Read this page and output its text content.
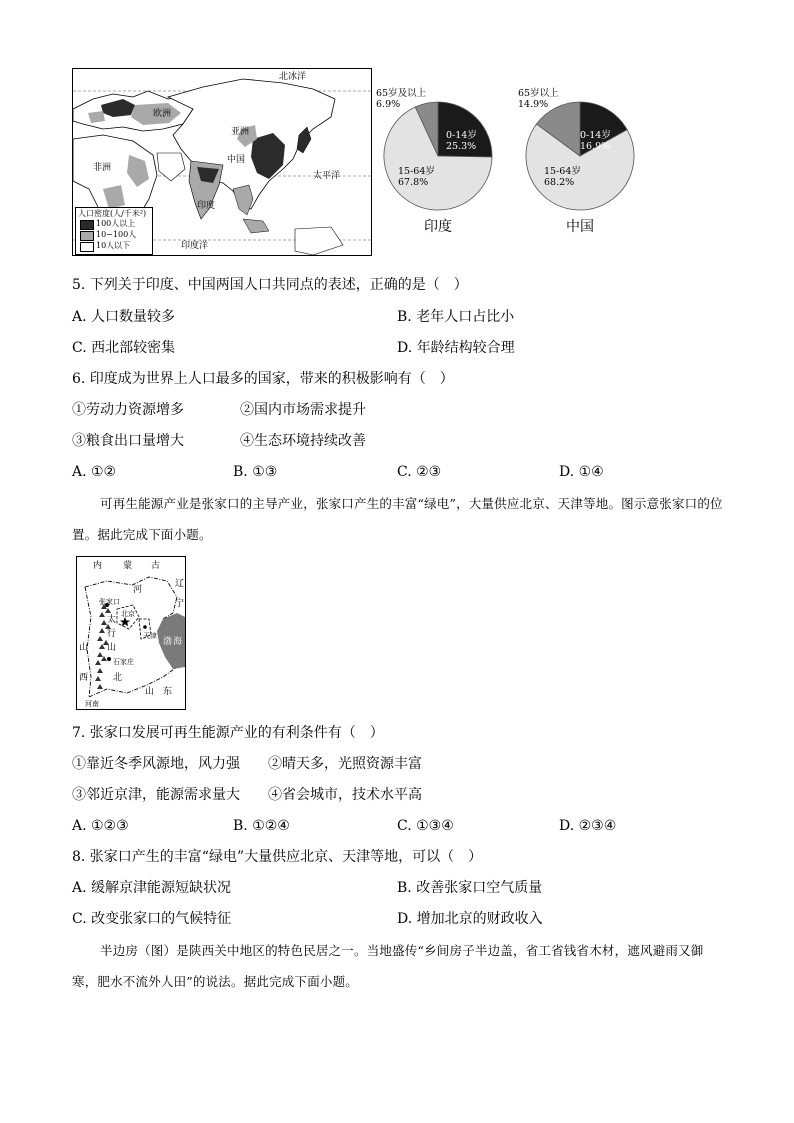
北冰洋
欧洲
亚洲
非洲
中国
太平洋
印度
印度洋
人口密度(人/千米²)
100人以上
10~100人
10人以下
0-14岁
25.3%
15-64岁
67.8%
65岁及以上
6.9%
印度
0-14岁
16.9%
15-64岁
68.2%
65岁以上
14.9%
中国
5. 下列关于印度、中国两国人口共同点的表述，正确的是（　）
A. 人口数量较多	B. 老年人口占比小
C. 西北部较密集	D. 年龄结构较合理
6. 印度成为世界上人口最多的国家，带来的积极影响有（　）
①劳动力资源增多	②国内市场需求提升
③粮食出口量增大	④生态环境持续改善
A. ①②	B. ①③	C. ②③	D. ①④
可再生能源产业是张家口的主导产业，张家口产生的丰富“绿电”，大量供应北京、天津等地。图示意张家口的位置。据此完成下面小题。
内 蒙 古
辽
宁
河
北
张家口
北京
天津
太
行
山
山
西
石家庄
渤 海
山　东
河南
7. 张家口发展可再生能源产业的有利条件有（　）
①靠近冬季风源地，风力强 ②晴天多，光照资源丰富
③邻近京津，能源需求量大 ④省会城市，技术水平高
A. ①②③	B. ①②④	C. ①③④	D. ②③④
8. 张家口产生的丰富“绿电”大量供应北京、天津等地，可以（　）
A. 缓解京津能源短缺状况	B. 改善张家口空气质量
C. 改变张家口的气候特征	D. 增加北京的财政收入
半边房（图）是陕西关中地区的特色民居之一。当地盛传“乡间房子半边盖，省工省钱省木材，遮风避雨又御寒，肥水不流外人田”的说法。据此完成下面小题。
